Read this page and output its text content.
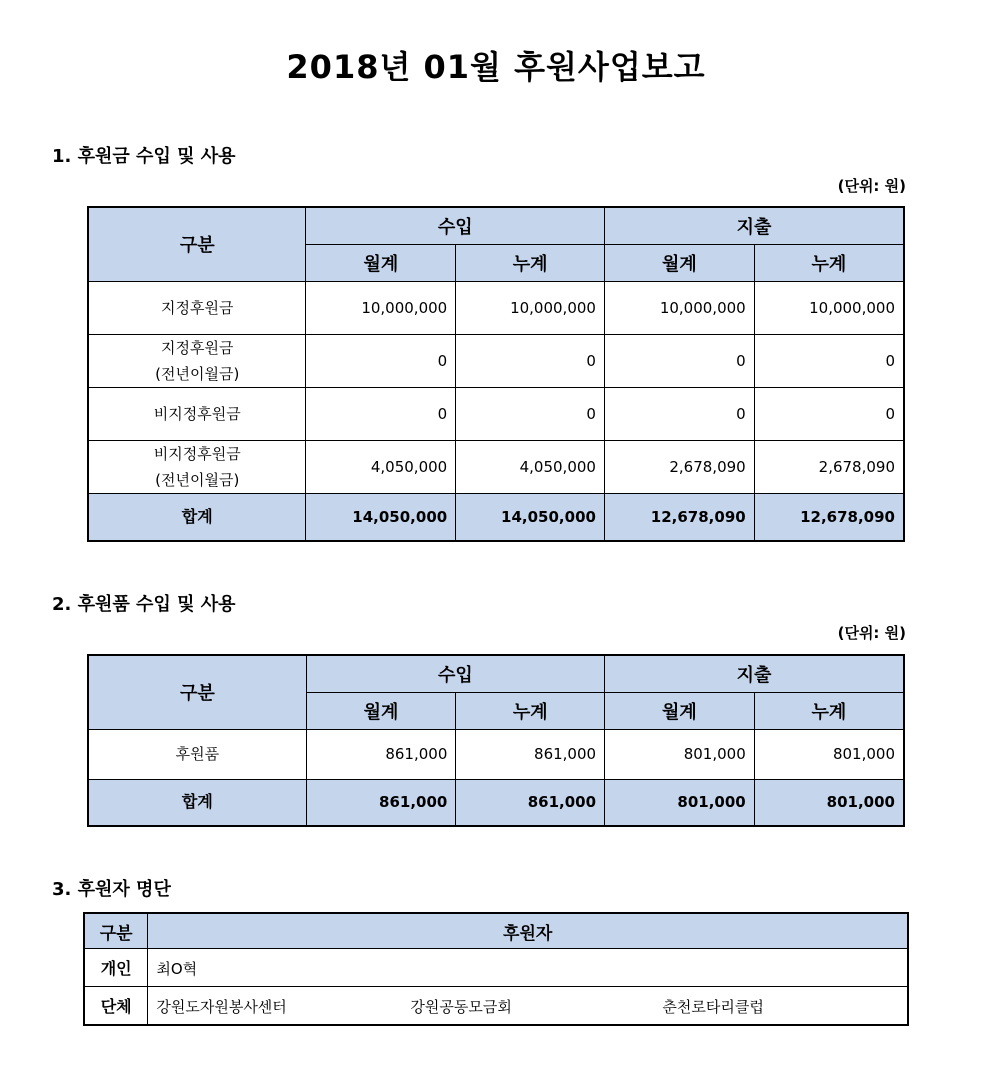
2018년 01월 후원사업보고
1. 후원금 수입 및 사용
(단위: 원)
구분	수입		지출	
	월계	누계	월계	누계
지정후원금	10,000,000	10,000,000	10,000,000	10,000,000
지정후원금
(전년이월금)	0	0	0	0
비지정후원금	0	0	0	0
비지정후원금
(전년이월금)	4,050,000	4,050,000	2,678,090	2,678,090
합계	14,050,000	14,050,000	12,678,090	12,678,090
2. 후원품 수입 및 사용
(단위: 원)
구분	수입		지출	
	월계	누계	월계	누계
후원품	861,000	861,000	801,000	801,000
합계	861,000	861,000	801,000	801,000
3. 후원자 명단
구분	후원자
개인	최O혁

단체	강원도자원봉사센터 강원공동모금회 춘천로타리클럽
